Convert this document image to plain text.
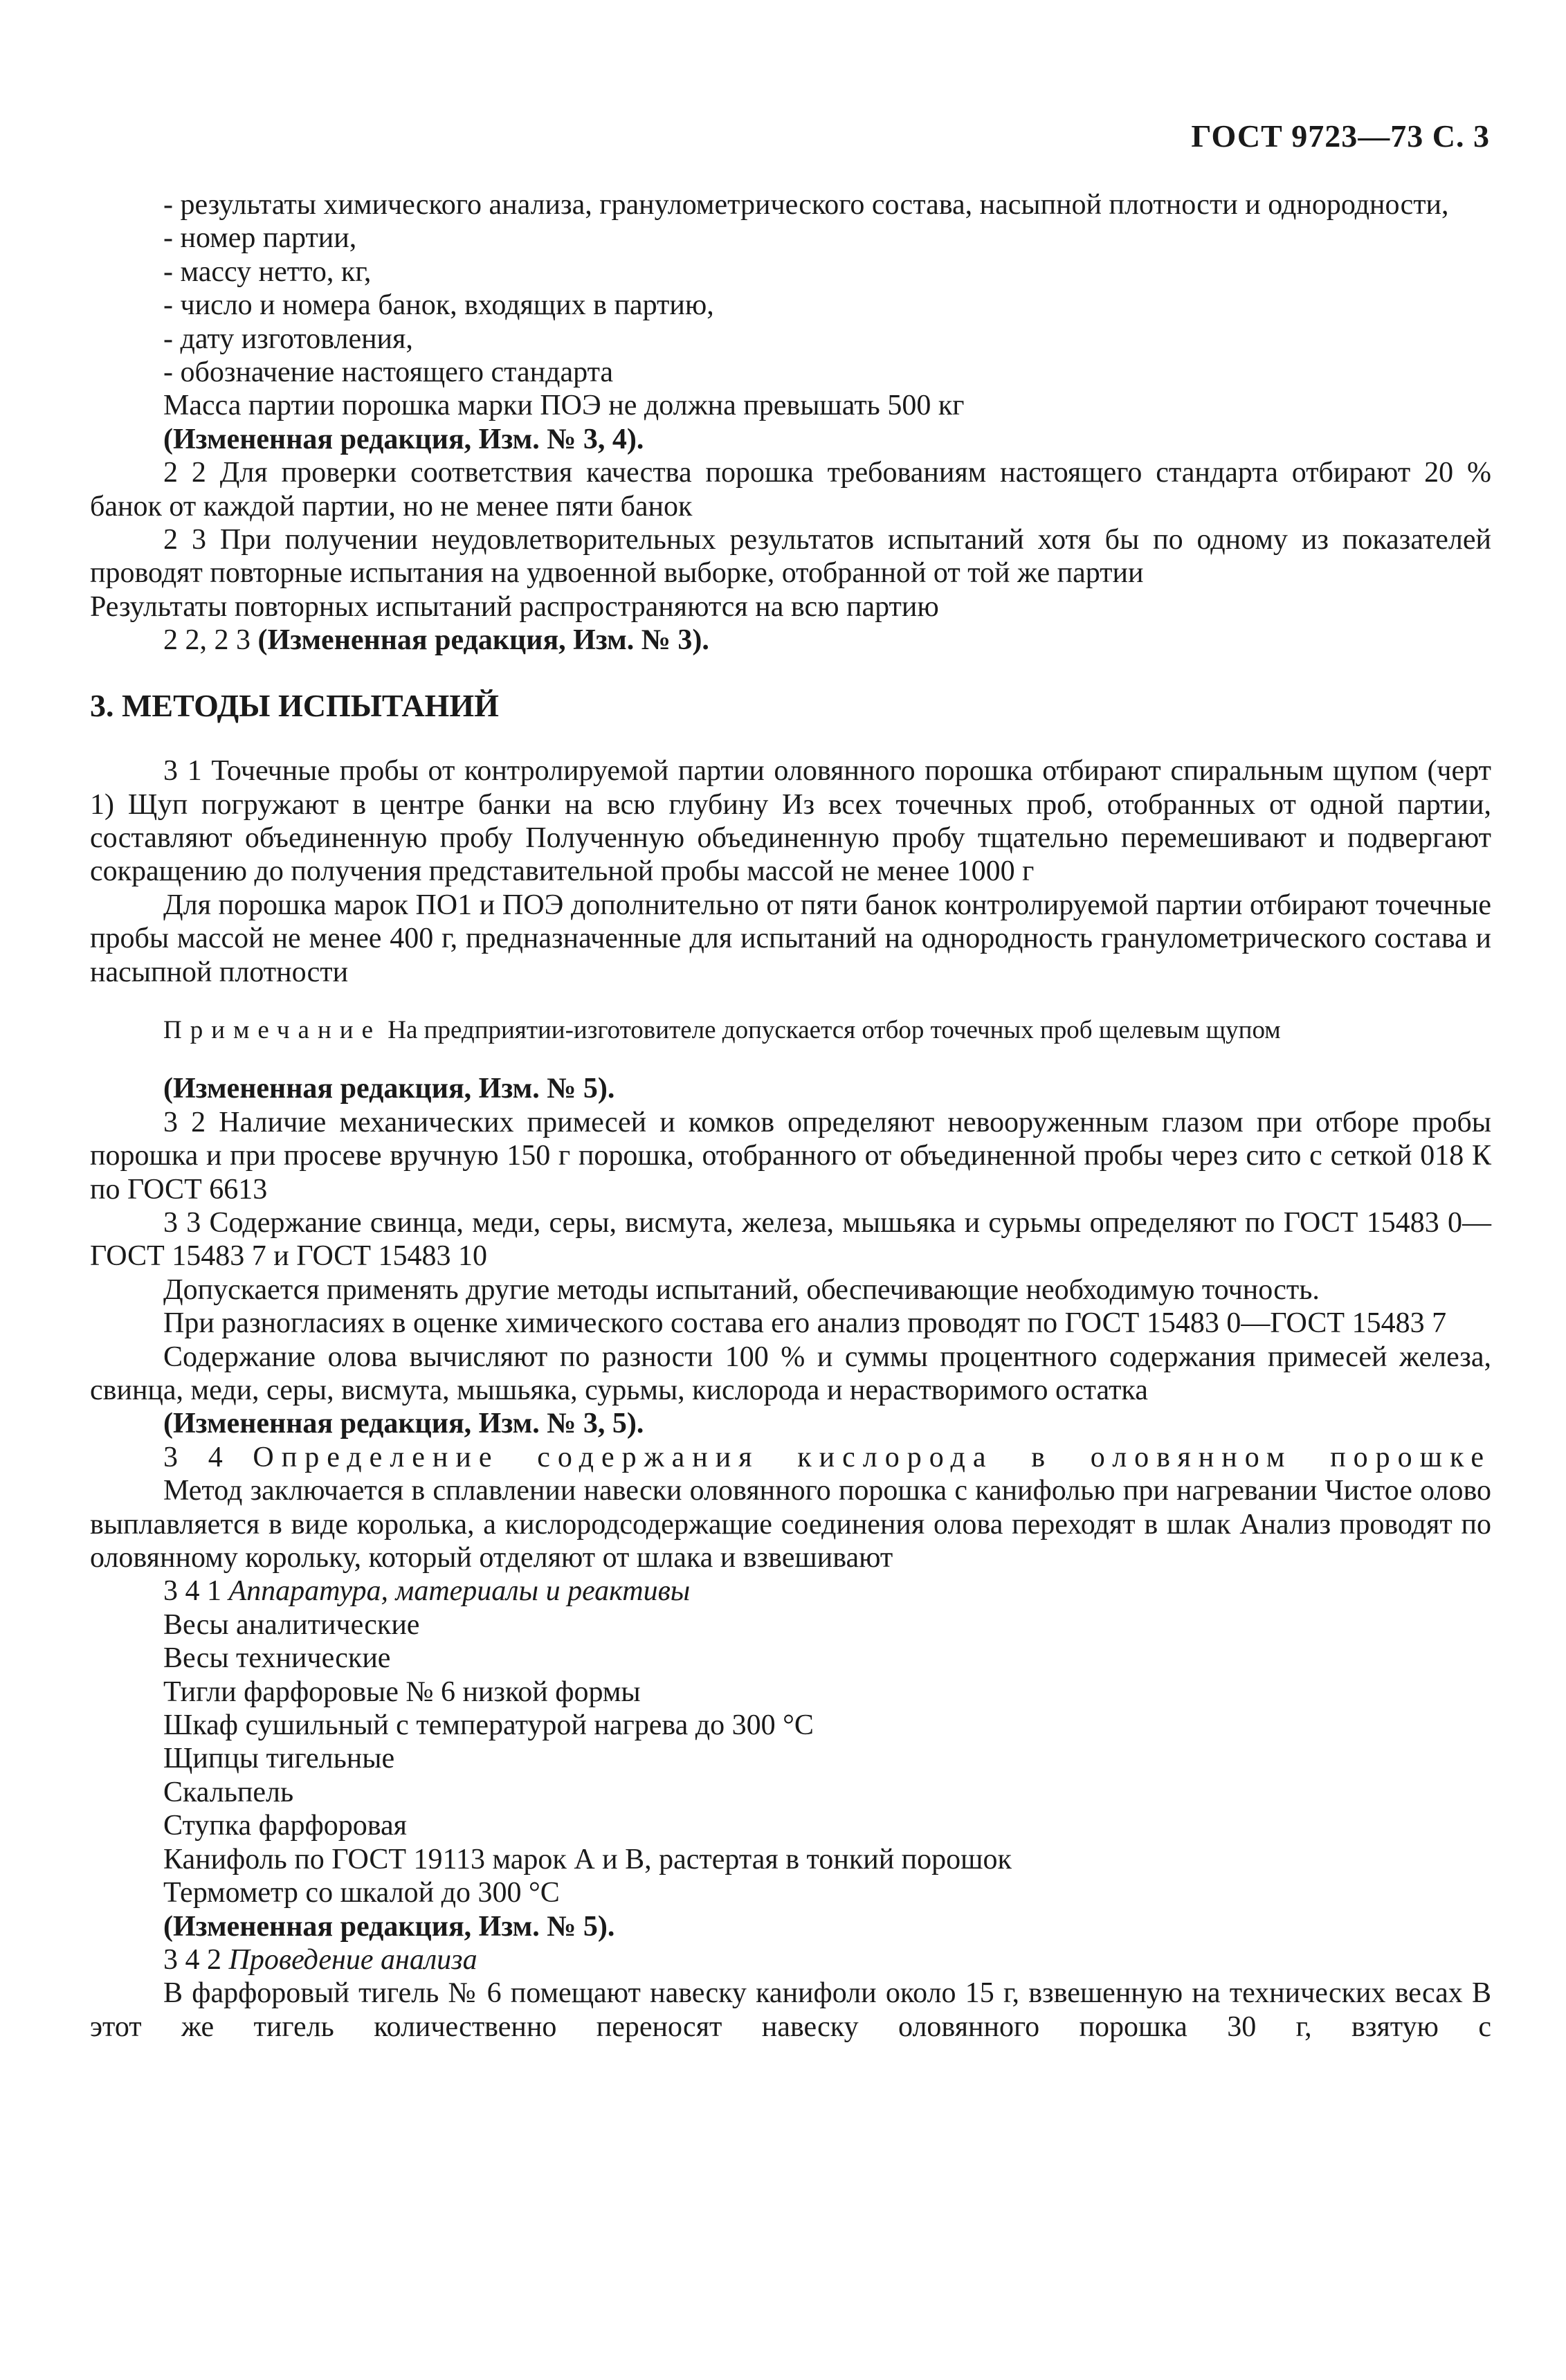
ГОСТ 9723—73 С. 3

- результаты химического анализа, гранулометрического состава, насыпной плотности и однородности,

- номер партии,

- массу нетто, кг,

- число и номера банок, входящих в партию,

- дату изготовления,

- обозначение настоящего стандарта

Масса партии порошка марки ПОЭ не должна превышать 500 кг

(Измененная редакция, Изм. № 3, 4).

2 2 Для проверки соответствия качества порошка требованиям настоящего стандарта отбирают 20 % банок от каждой партии, но не менее пяти банок

2 3 При получении неудовлетворительных результатов испытаний хотя бы по одному из показателей проводят повторные испытания на удвоенной выборке, отобранной от той же партии

Результаты повторных испытаний распространяются на всю партию

2 2, 2 3 (Измененная редакция, Изм. № 3).

3. МЕТОДЫ ИСПЫТАНИЙ

3 1 Точечные пробы от контролируемой партии оловянного порошка отбирают спиральным щупом (черт 1) Щуп погружают в центре банки на всю глубину Из всех точечных проб, отобранных от одной партии, составляют объединенную пробу Полученную объединенную пробу тщательно перемешивают и подвергают сокращению до получения представительной пробы массой не менее 1000 г

Для порошка марок ПО1 и ПОЭ дополнительно от пяти банок контролируемой партии отбирают точечные пробы массой не менее 400 г, предназначенные для испытаний на однородность гранулометрического состава и насыпной плотности

Примечание На предприятии-изготовителе допускается отбор точечных проб щелевым щупом

(Измененная редакция, Изм. № 5).

3 2 Наличие механических примесей и комков определяют невооруженным глазом при отборе пробы порошка и при просеве вручную 150 г порошка, отобранного от объединенной пробы через сито с сеткой 018 К по ГОСТ 6613

3 3 Содержание свинца, меди, серы, висмута, железа, мышьяка и сурьмы определяют по ГОСТ 15483 0—ГОСТ 15483 7 и ГОСТ 15483 10

Допускается применять другие методы испытаний, обеспечивающие необходимую точность.

При разногласиях в оценке химического состава его анализ проводят по ГОСТ 15483 0—ГОСТ 15483 7

Содержание олова вычисляют по разности 100 % и суммы процентного содержания примесей железа, свинца, меди, серы, висмута, мышьяка, сурьмы, кислорода и нерастворимого остатка

(Измененная редакция, Изм. № 3, 5).

3 4 Определение содержания кислорода в оловянном порошке

Метод заключается в сплавлении навески оловянного порошка с канифолью при нагревании Чистое олово выплавляется в виде королька, а кислородсодержащие соединения олова переходят в шлак Анализ проводят по оловянному корольку, который отделяют от шлака и взвешивают

3 4 1 Аппаратура, материалы и реактивы

Весы аналитические

Весы технические

Тигли фарфоровые № 6 низкой формы

Шкаф сушильный с температурой нагрева до 300 °С

Щипцы тигельные

Скальпель

Ступка фарфоровая

Канифоль по ГОСТ 19113 марок А и В, растертая в тонкий порошок

Термометр со шкалой до 300 °С

(Измененная редакция, Изм. № 5).

3 4 2 Проведение анализа

В фарфоровый тигель № 6 помещают навеску канифоли около 15 г, взвешенную на технических весах В этот же тигель количественно переносят навеску оловянного порошка 30 г, взятую с
